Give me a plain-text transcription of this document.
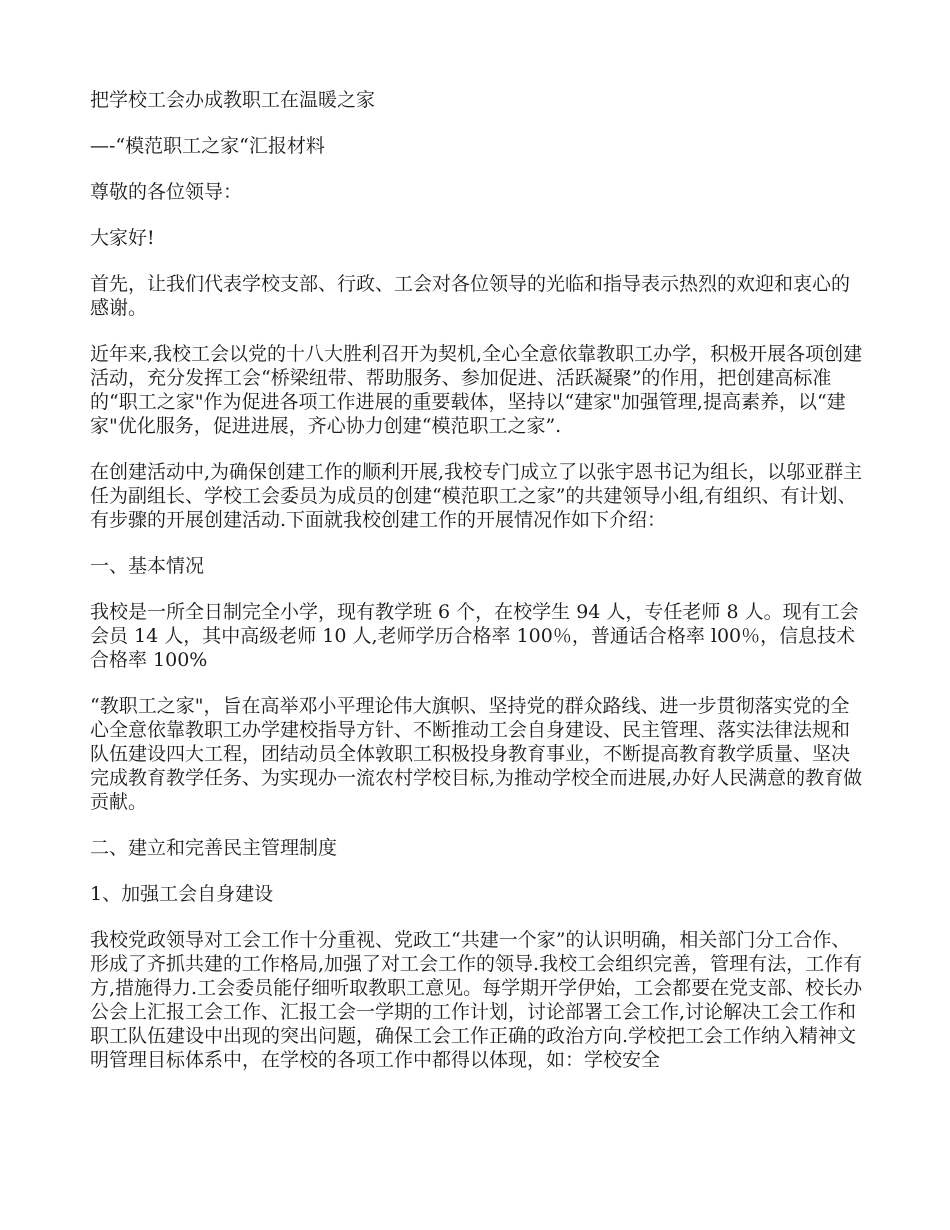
把学校工会办成教职工在温暖之家

—-“模范职工之家“汇报材料

尊敬的各位领导：

大家好!

首先，让我们代表学校支部、行政、工会对各位领导的光临和指导表示热烈的欢迎和衷心的感谢。

近年来,我校工会以党的十八大胜利召开为契机,全心全意依靠教职工办学，积极开展各项创建活动，充分发挥工会“桥梁纽带、帮助服务、参加促进、活跃凝聚”的作用，把创建高标准的“职工之家"作为促进各项工作进展的重要载体，坚持以“建家"加强管理,提高素养，以“建家"优化服务，促进进展，齐心协力创建“模范职工之家”.

在创建活动中,为确保创建工作的顺利开展,我校专门成立了以张宇恩书记为组长，以邬亚群主任为副组长、学校工会委员为成员的创建“模范职工之家”的共建领导小组,有组织、有计划、有步骤的开展创建活动.下面就我校创建工作的开展情况作如下介绍：

一、基本情况

我校是一所全日制完全小学，现有教学班 6 个，在校学生 94 人，专任老师 8 人。现有工会会员 14 人，其中高级老师 10 人,老师学历合格率 100％，普通话合格率 l00％，信息技术合格率 100%

“教职工之家"，旨在高举邓小平理论伟大旗帜、坚持党的群众路线、进一步贯彻落实党的全心全意依靠教职工办学建校指导方针、不断推动工会自身建设、民主管理、落实法律法规和队伍建设四大工程，团结动员全体敦职工积极投身教育事业，不断提高教育教学质量、坚决完成教育教学任务、为实现办一流农村学校目标,为推动学校全而进展,办好人民满意的教育做贡献。

二、建立和完善民主管理制度

1、加强工会自身建设

我校党政领导对工会工作十分重视、党政工“共建一个家”的认识明确，相关部门分工合作、形成了齐抓共建的工作格局,加强了对工会工作的领导.我校工会组织完善，管理有法，工作有方,措施得力.工会委员能仔细听取教职工意见。每学期开学伊始，工会都要在党支部、校长办公会上汇报工会工作、汇报工会一学期的工作计划，讨论部署工会工作,讨论解决工会工作和职工队伍建设中出现的突出问题，确保工会工作正确的政治方向.学校把工会工作纳入精神文明管理目标体系中，在学校的各项工作中都得以体现，如：学校安全
